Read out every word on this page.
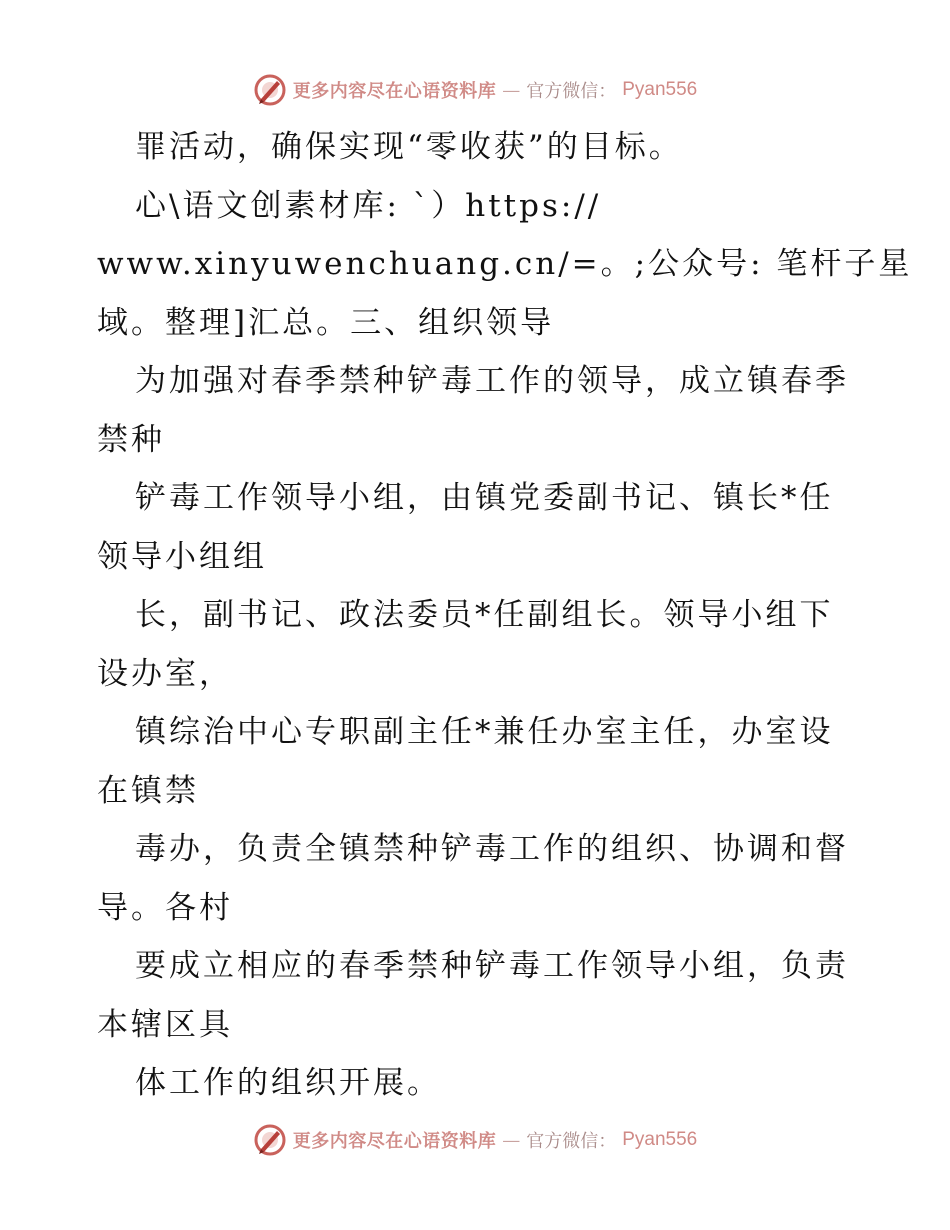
更多内容尽在心语资料库 — 官方微信： Pyan556
罪活动，确保实现“零收获”的目标。
心\语文创素材库: `）https://
www.xinyuwenchuang.cn/=。;公众号: 笔杆子星
域。整理]汇总。三、组织领导
为加强对春季禁种铲毒工作的领导，成立镇春季
禁种
铲毒工作领导小组，由镇党委副书记、镇长*任
领导小组组
长，副书记、政法委员*任副组长。领导小组下
设办室，
镇综治中心专职副主任*兼任办室主任，办室设
在镇禁
毒办，负责全镇禁种铲毒工作的组织、协调和督
导。各村
要成立相应的春季禁种铲毒工作领导小组，负责
本辖区具
体工作的组织开展。
更多内容尽在心语资料库 — 官方微信： Pyan556
